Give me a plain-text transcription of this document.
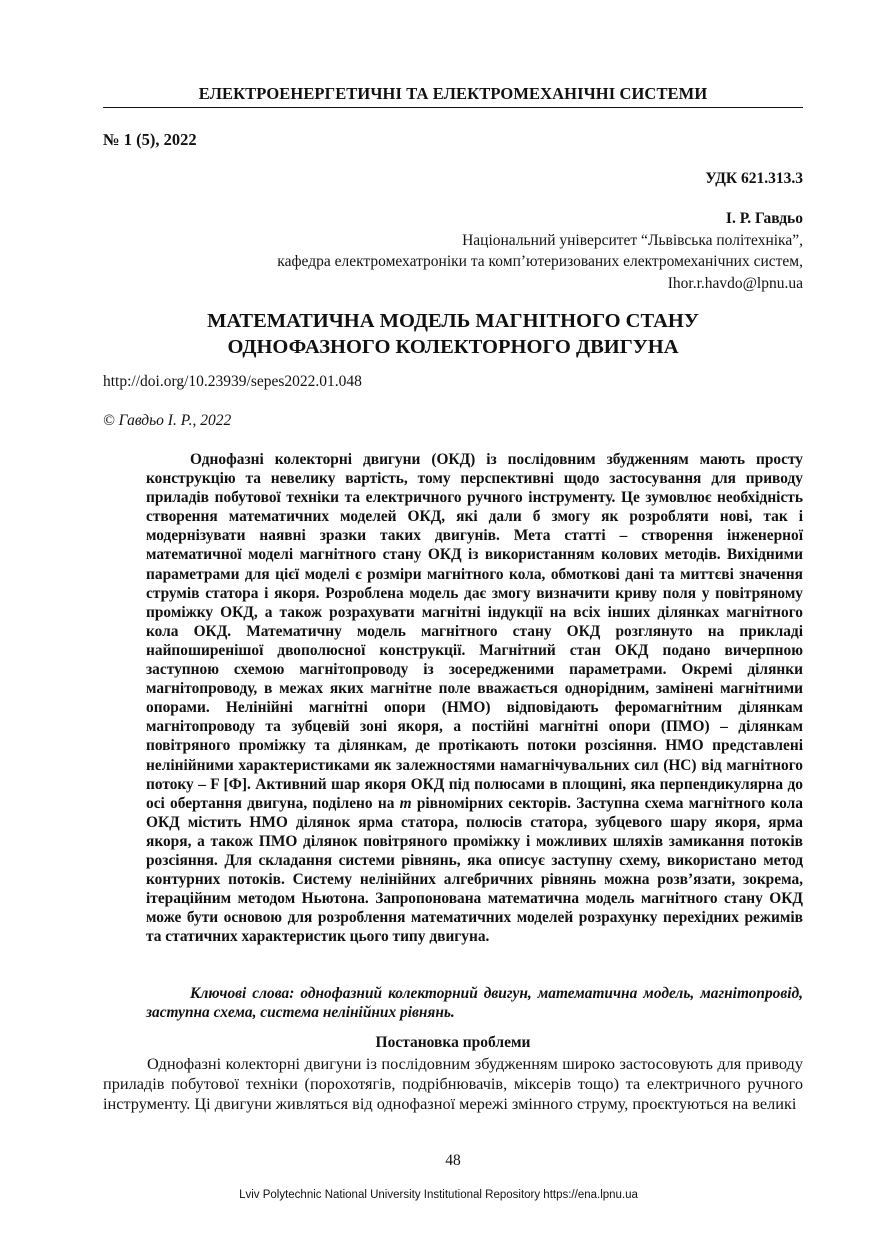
ЕЛЕКТРОЕНЕРГЕТИЧНІ ТА ЕЛЕКТРОМЕХАНІЧНІ СИСТЕМИ
№ 1 (5), 2022
УДК 621.313.3
І. Р. Гавдьо
Національний університет “Львівська політехніка”,
кафедра електромехатроніки та комп’ютеризованих електромеханічних систем,
Ihor.r.havdo@lpnu.ua
МАТЕМАТИЧНА МОДЕЛЬ МАГНІТНОГО СТАНУ
ОДНОФАЗНОГО КОЛЕКТОРНОГО ДВИГУНА
http://doi.org/10.23939/sepes2022.01.048
© Гавдьо І. Р., 2022

Однофазні колекторні двигуни (ОКД) із послідовним збудженням мають просту конструкцію та невелику вартість, тому перспективні щодо застосування для приводу приладів побутової техніки та електричного ручного інструменту. Це зумовлює необхідність створення математичних моделей ОКД, які дали б змогу як розробляти нові, так і модернізувати наявні зразки таких двигунів. Мета статті – створення інженерної математичної моделі магнітного стану ОКД із використанням колових методів. Вихідними параметрами для цієї моделі є розміри магнітного кола, обмоткові дані та миттєві значення струмів статора і якоря. Розроблена модель дає змогу визначити криву поля у повітряному проміжку ОКД, а також розрахувати магнітні індукції на всіх інших ділянках магнітного кола ОКД. Математичну модель магнітного стану ОКД розглянуто на прикладі найпоширенішої двополюсної конструкції. Магнітний стан ОКД подано вичерпною заступною схемою магнітопроводу із зосередженими параметрами. Окремі ділянки магнітопроводу, в межах яких магнітне поле вважається однорідним, замінені магнітними опорами. Нелінійні магнітні опори (НМО) відповідають феромагнітним ділянкам магнітопроводу та зубцевій зоні якоря, а постійні магнітні опори (ПМО) – ділянкам повітряного проміжку та ділянкам, де протікають потоки розсіяння. НМО представлені нелінійними характеристиками як залежностями намагнічувальних сил (НС) від магнітного потоку – F [Ф]. Активний шар якоря ОКД під полюсами в площині, яка перпендикулярна до осі обертання двигуна, поділено на m рівномірних секторів. Заступна схема магнітного кола ОКД містить НМО ділянок ярма статора, полюсів статора, зубцевого шару якоря, ярма якоря, а також ПМО ділянок повітряного проміжку і можливих шляхів замикання потоків розсіяння. Для складання системи рівнянь, яка описує заступну схему, використано метод контурних потоків. Систему нелінійних алгебричних рівнянь можна розв’язати, зокрема, ітераційним методом Ньютона. Запропонована математична модель магнітного стану ОКД може бути основою для розроблення математичних моделей розрахунку перехідних режимів та статичних характеристик цього типу двигуна.

Ключові слова: однофазний колекторний двигун, математична модель, магнітопровід, заступна схема, система нелінійних рівнянь.

Постановка проблеми

Однофазні колекторні двигуни із послідовним збудженням широко застосовують для приводу приладів побутової техніки (порохотягів, подрібнювачів, міксерів тощо) та електричного ручного інструменту. Ці двигуни живляться від однофазної мережі змінного струму, проєктуються на великі

48
Lviv Polytechnic National University Institutional Repository https://ena.lpnu.ua
